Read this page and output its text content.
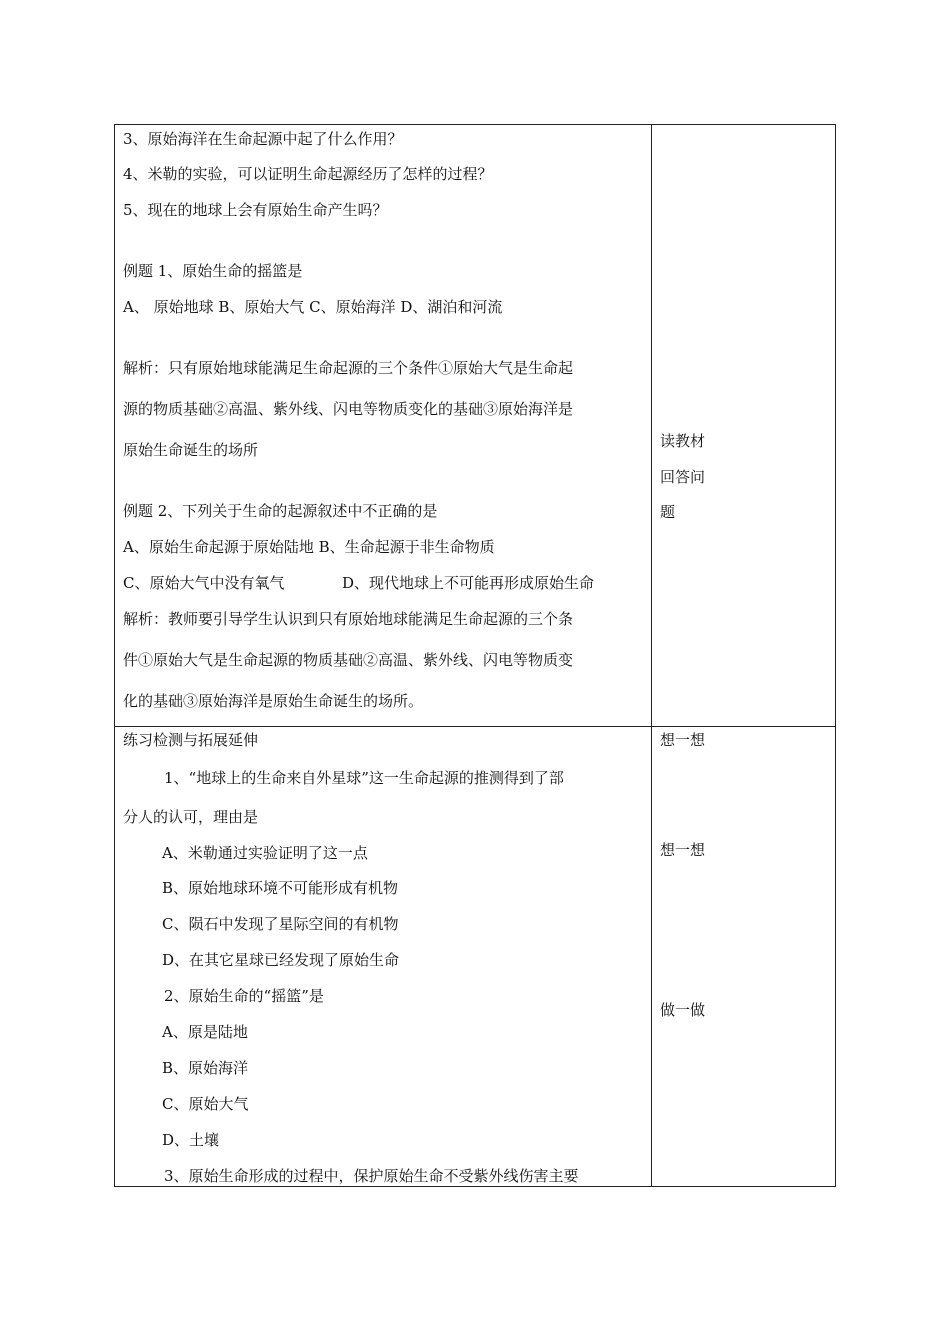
3、原始海洋在生命起源中起了什么作用？
4、米勒的实验，可以证明生命起源经历了怎样的过程？
5、现在的地球上会有原始生命产生吗？
例题 1、原始生命的摇篮是
A、 原始地球 B、原始大气 C、原始海洋 D、湖泊和河流
解析：只有原始地球能满足生命起源的三个条件①原始大气是生命起
源的物质基础②高温、紫外线、闪电等物质变化的基础③原始海洋是
原始生命诞生的场所
例题 2、下列关于生命的起源叙述中不正确的是
A、原始生命起源于原始陆地 B、生命起源于非生命物质
C、原始大气中没有氧气	D、现代地球上不可能再形成原始生命
解析：教师要引导学生认识到只有原始地球能满足生命起源的三个条
件①原始大气是生命起源的物质基础②高温、紫外线、闪电等物质变
化的基础③原始海洋是原始生命诞生的场所。
读教材
回答问
题
练习检测与拓展延伸
1、“地球上的生命来自外星球”这一生命起源的推测得到了部
分人的认可，理由是
A、米勒通过实验证明了这一点
B、原始地球环境不可能形成有机物
C、陨石中发现了星际空间的有机物
D、在其它星球已经发现了原始生命
2、原始生命的“摇篮”是
A、原是陆地
B、原始海洋
C、原始大气
D、土壤
3、原始生命形成的过程中，保护原始生命不受紫外线伤害主要
想一想
想一想
做一做
